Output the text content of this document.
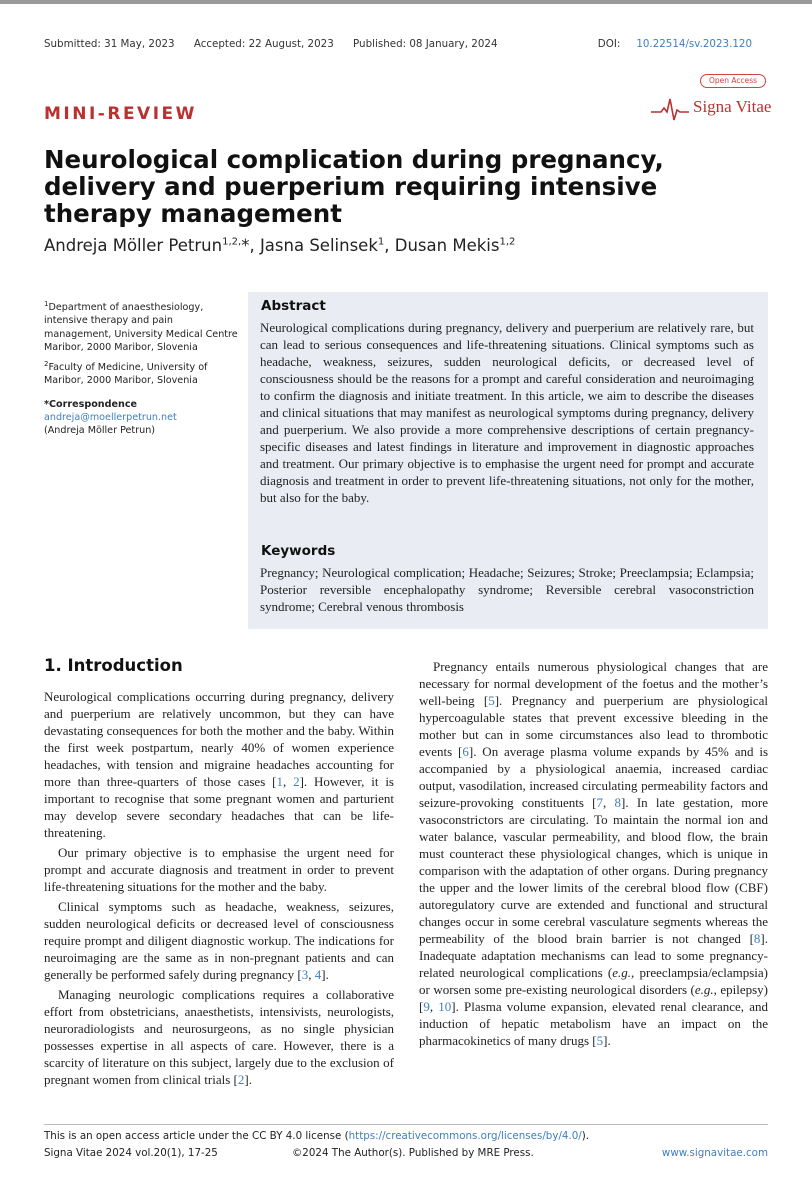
Submitted: 31 May, 2023 Accepted: 22 August, 2023 Published: 08 January, 2024	DOI: 10.22514/sv.2023.120
Open Access
Signa Vitae
MINI-REVIEW
Neurological complication during pregnancy, delivery and puerperium requiring intensive therapy management
Andreja Möller Petrun$^{1,2,}$*, Jasna Selinsek$^1$, Dusan Mekis$^{1,2}$

$^1$Department of anaesthesiology, intensive therapy and pain management, University Medical Centre Maribor, 2000 Maribor, Slovenia

$^2$Faculty of Medicine, University of Maribor, 2000 Maribor, Slovenia

*Correspondence
andreja@moellerpetrun.net
(Andreja Möller Petrun)
Abstract
Neurological complications during pregnancy, delivery and puerperium are relatively rare, but can lead to serious consequences and life-threatening situations. Clinical symptoms such as headache, weakness, seizures, sudden neurological deficits, or decreased level of consciousness should be the reasons for a prompt and careful consideration and neuroimaging to confirm the diagnosis and initiate treatment. In this article, we aim to describe the diseases and clinical situations that may manifest as neurological symptoms during pregnancy, delivery and puerperium. We also provide a more comprehensive descriptions of certain pregnancy-specific diseases and latest findings in literature and improvement in diagnostic approaches and treatment. Our primary objective is to emphasise the urgent need for prompt and accurate diagnosis and treatment in order to prevent life-threatening situations, not only for the mother, but also for the baby.
Keywords
Pregnancy; Neurological complication; Headache; Seizures; Stroke; Preeclampsia; Eclampsia; Posterior reversible encephalopathy syndrome; Reversible cerebral vasoconstriction syndrome; Cerebral venous thrombosis
1. Introduction

Neurological complications occurring during pregnancy, delivery and puerperium are relatively uncommon, but they can have devastating consequences for both the mother and the baby. Within the first week postpartum, nearly 40% of women experience headaches, with tension and migraine headaches accounting for more than three-quarters of those cases [1, 2]. However, it is important to recognise that some pregnant women and parturient may develop severe secondary headaches that can be life-threatening.

Our primary objective is to emphasise the urgent need for prompt and accurate diagnosis and treatment in order to prevent life-threatening situations for the mother and the baby.

Clinical symptoms such as headache, weakness, seizures, sudden neurological deficits or decreased level of consciousness require prompt and diligent diagnostic workup. The indications for neuroimaging are the same as in non-pregnant patients and can generally be performed safely during pregnancy [3, 4].

Managing neurologic complications requires a collaborative effort from obstetricians, anaesthetists, intensivists, neurologists, neuroradiologists and neurosurgeons, as no single physician possesses expertise in all aspects of care. However, there is a scarcity of literature on this subject, largely due to the exclusion of pregnant women from clinical trials [2].

Pregnancy entails numerous physiological changes that are necessary for normal development of the foetus and the mother’s well-being [5]. Pregnancy and puerperium are physiological hypercoagulable states that prevent excessive bleeding in the mother but can in some circumstances also lead to thrombotic events [6]. On average plasma volume expands by 45% and is accompanied by a physiological anaemia, increased cardiac output, vasodilation, increased circulating permeability factors and seizure-provoking constituents [7, 8]. In late gestation, more vasoconstrictors are circulating. To maintain the normal ion and water balance, vascular permeability, and blood flow, the brain must counteract these physiological changes, which is unique in comparison with the adaptation of other organs. During pregnancy the upper and the lower limits of the cerebral blood flow (CBF) autoregulatory curve are extended and functional and structural changes occur in some cerebral vasculature segments whereas the permeability of the blood brain barrier is not changed [8]. Inadequate adaptation mechanisms can lead to some pregnancy-related neurological complications (e.g., preeclampsia/eclampsia) or worsen some pre-existing neurological disorders (e.g., epilepsy) [9, 10]. Plasma volume expansion, elevated renal clearance, and induction of hepatic metabolism have an impact on the pharmacokinetics of many drugs [5].

This is an open access article under the CC BY 4.0 license (https://creativecommons.org/licenses/by/4.0/).
Signa Vitae 2024 vol.20(1), 17-25	©2024 The Author(s). Published by MRE Press.	www.signavitae.com
